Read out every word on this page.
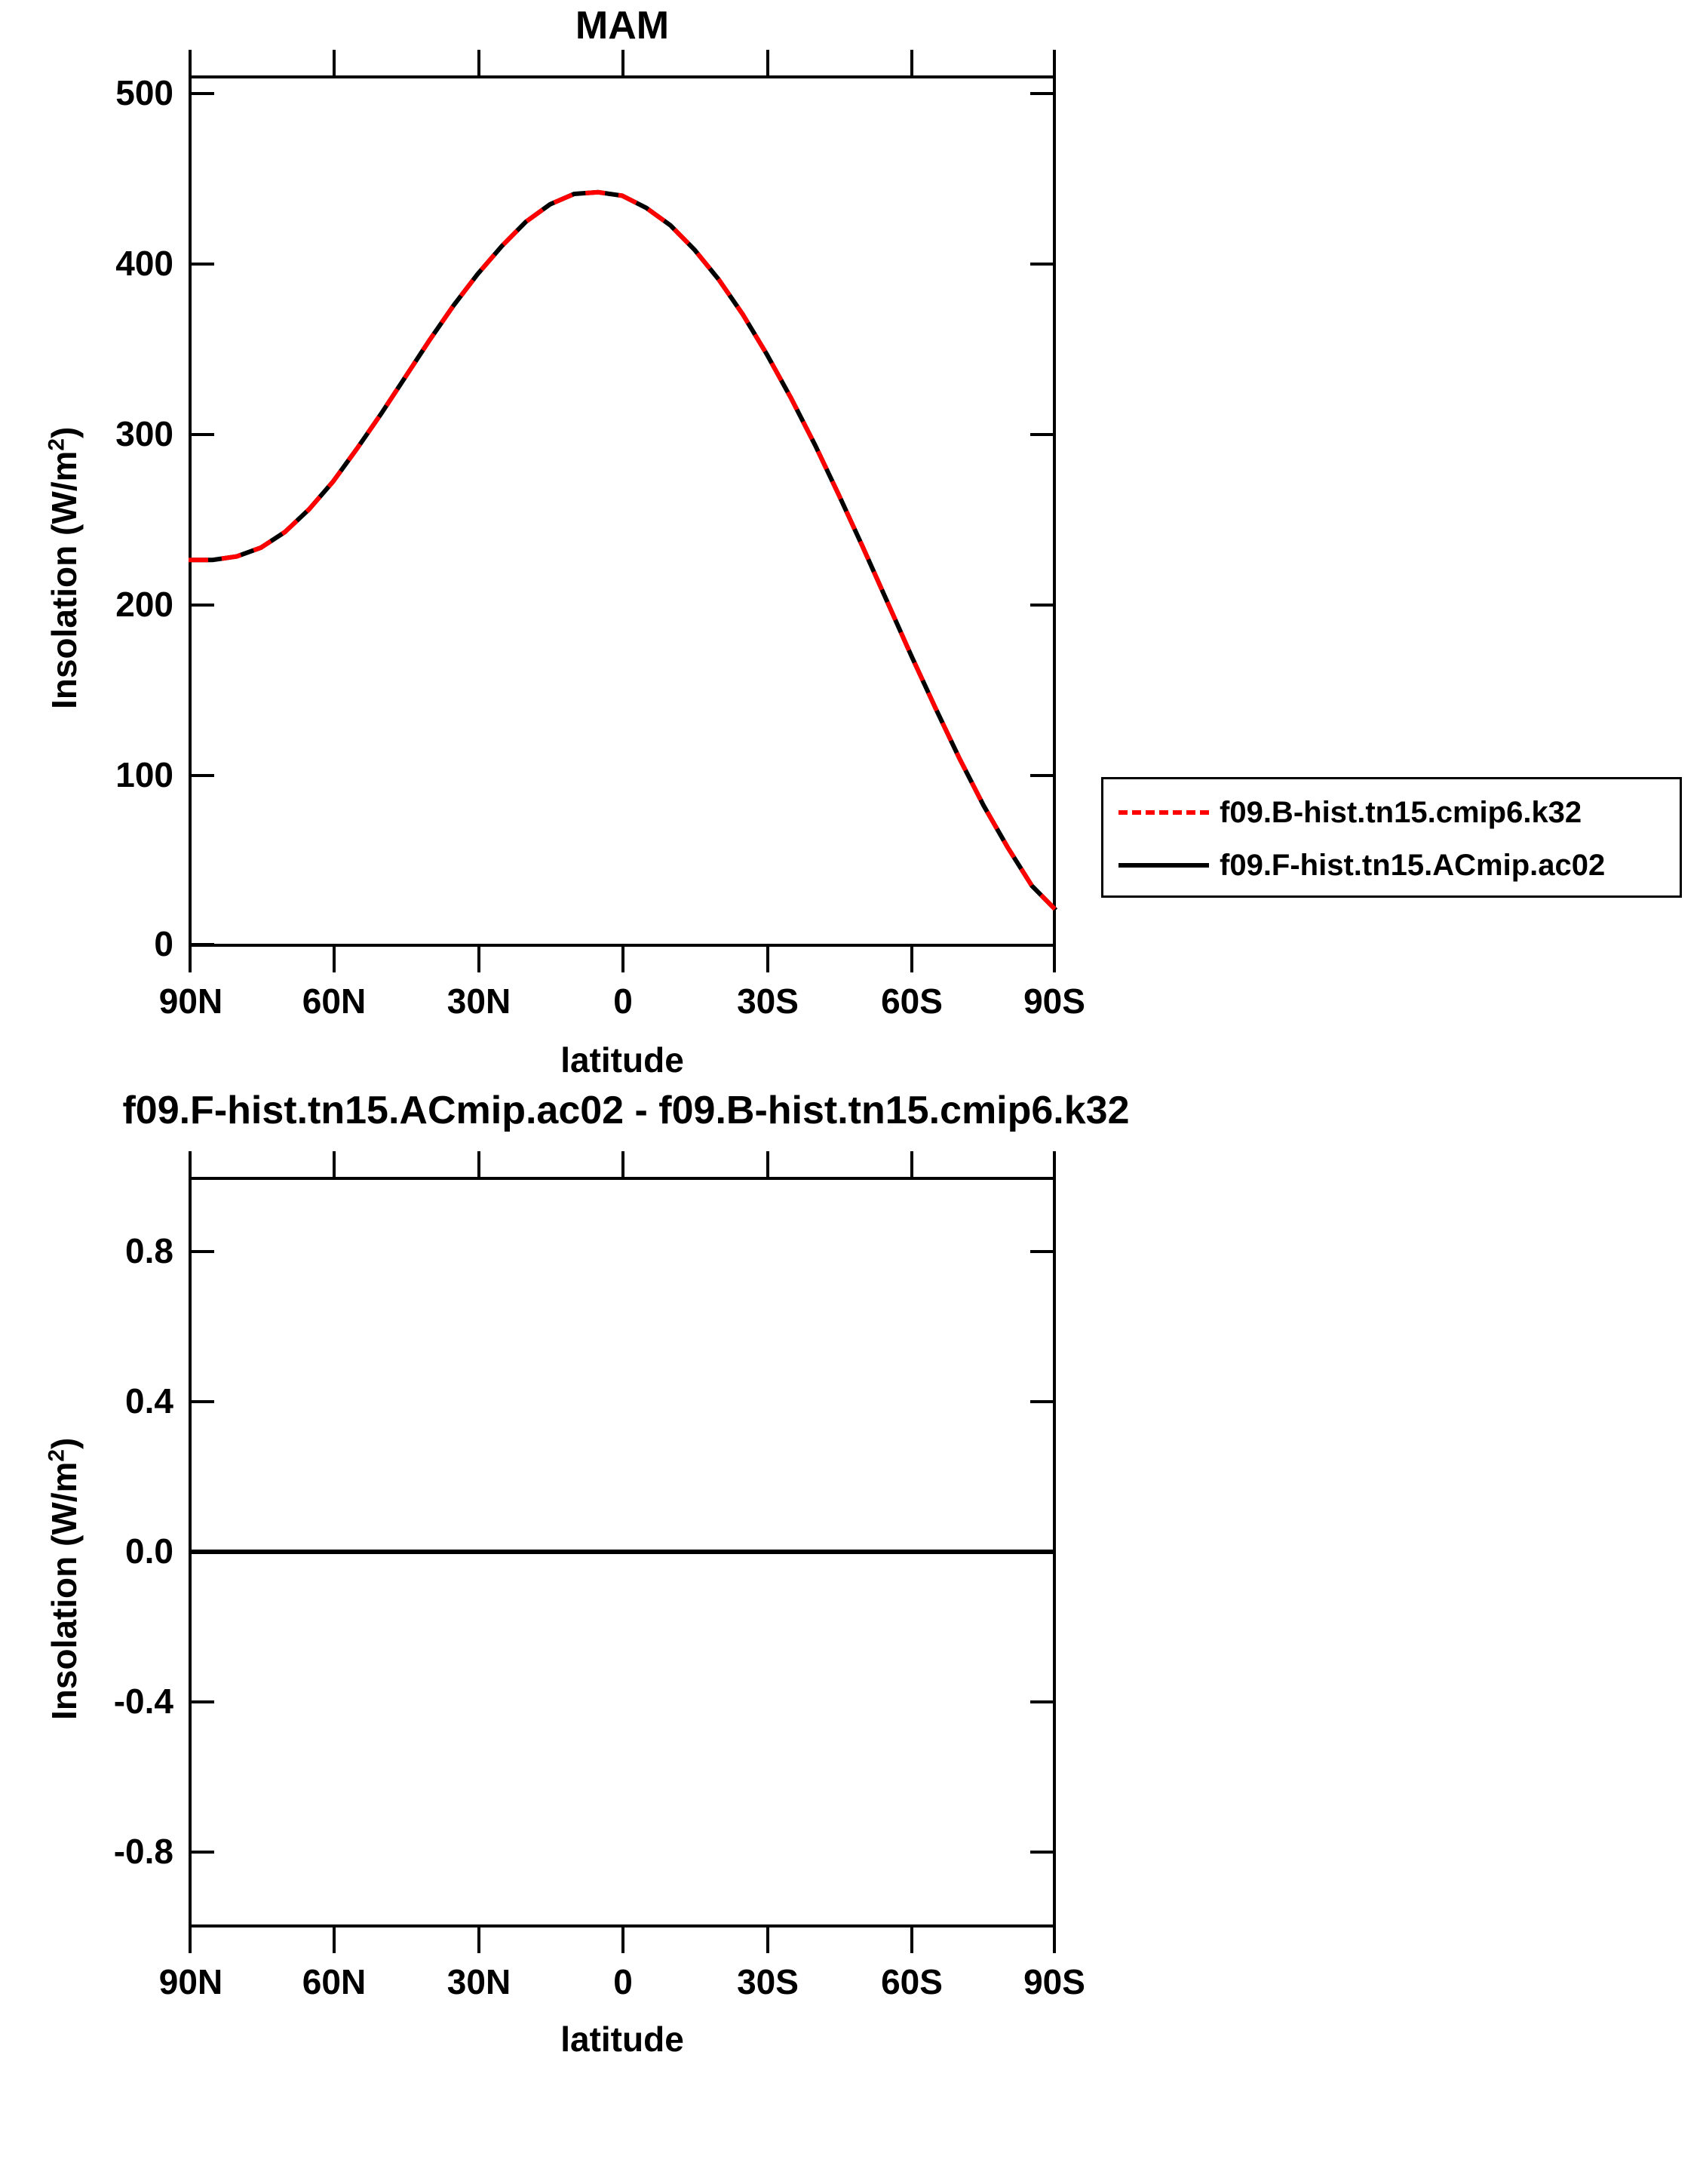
MAM
500
400
300
200
100
0
Insolation $(W/m^2)$
90N	60N	30N	0	30S	60S	90S
latitude
f09.B-hist.tn15.cmip6.k32
f09.F-hist.tn15.ACmip.ac02
f09.F-hist.tn15.ACmip.ac02 - f09.B-hist.tn15.cmip6.k32
0.8
0.4
0.0
-0.4
-0.8
Insolation $(W/m^2)$
90N	60N	30N	0	30S	60S	90S
latitude
